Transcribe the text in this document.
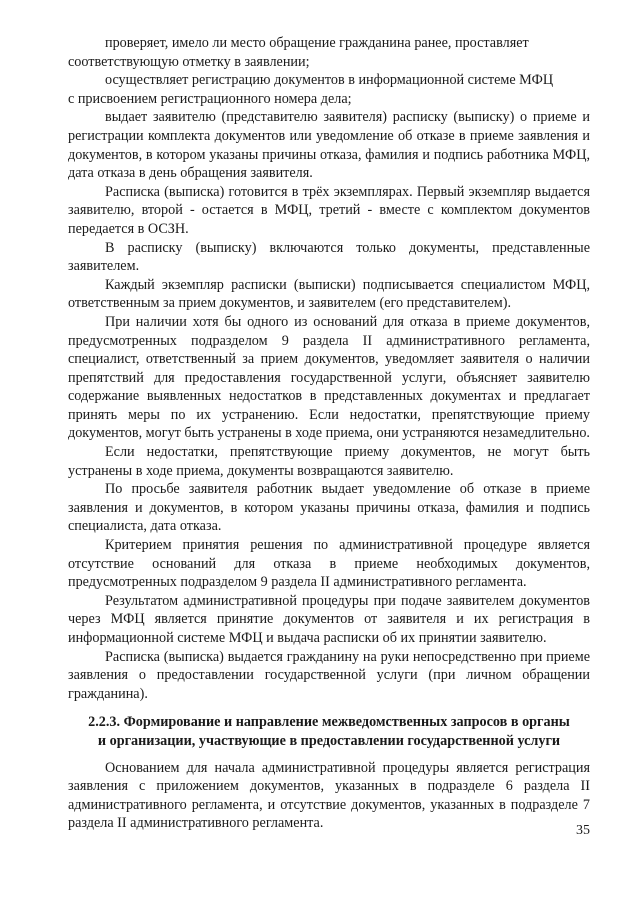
проверяет, имело ли место обращение гражданина ранее, проставляет
соответствующую отметку в заявлении;

осуществляет регистрацию документов в информационной системе МФЦ
с присвоением регистрационного номера дела;

выдает заявителю (представителю заявителя) расписку (выписку) о приеме и регистрации комплекта документов или уведомление об отказе в приеме заявления и документов, в котором указаны причины отказа, фамилия и подпись работника МФЦ, дата отказа в день обращения заявителя.

Расписка (выписка) готовится в трёх экземплярах. Первый экземпляр выдается заявителю, второй - остается в МФЦ, третий - вместе с комплектом документов передается в ОСЗН.

В расписку (выписку) включаются только документы, представленные заявителем.

Каждый экземпляр расписки (выписки) подписывается специалистом МФЦ, ответственным за прием документов, и заявителем (его представителем).

При наличии хотя бы одного из оснований для отказа в приеме документов, предусмотренных подразделом 9 раздела II административного регламента, специалист, ответственный за прием документов, уведомляет заявителя о наличии препятствий для предоставления государственной услуги, объясняет заявителю содержание выявленных недостатков в представленных документах и предлагает принять меры по их устранению. Если недостатки, препятствующие приему документов, могут быть устранены в ходе приема, они устраняются незамедлительно.

Если недостатки, препятствующие приему документов, не могут быть устранены в ходе приема, документы возвращаются заявителю.

По просьбе заявителя работник выдает уведомление об отказе в приеме заявления и документов, в котором указаны причины отказа, фамилия и подпись специалиста, дата отказа.

Критерием принятия решения по административной процедуре является отсутствие оснований для отказа в приеме необходимых документов, предусмотренных подразделом 9 раздела II административного регламента.

Результатом административной процедуры при подаче заявителем документов через МФЦ является принятие документов от заявителя и их регистрация в информационной системе МФЦ и выдача расписки об их принятии заявителю.

Расписка (выписка) выдается гражданину на руки непосредственно при приеме заявления о предоставлении государственной услуги (при личном обращении гражданина).

2.2.3. Формирование и направление межведомственных запросов в органы
и организации, участвующие в предоставлении государственной услуги

Основанием для начала административной процедуры является регистрация заявления с приложением документов, указанных в подразделе 6 раздела II административного регламента, и отсутствие документов, указанных в подразделе 7 раздела II административного регламента.	35
